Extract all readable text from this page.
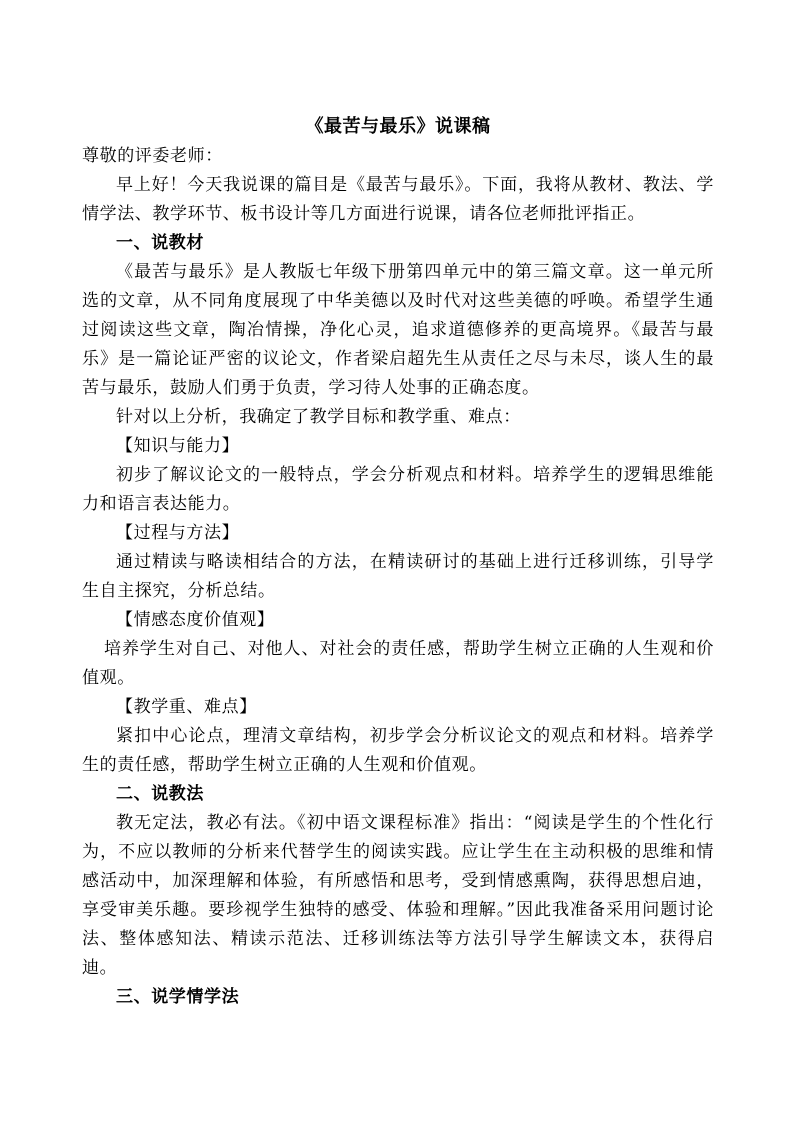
《最苦与最乐》说课稿

尊敬的评委老师：

早上好！今天我说课的篇目是《最苦与最乐》。下面，我将从教材、教法、学情学法、教学环节、板书设计等几方面进行说课，请各位老师批评指正。

一、说教材

《最苦与最乐》是人教版七年级下册第四单元中的第三篇文章。这一单元所选的文章，从不同角度展现了中华美德以及时代对这些美德的呼唤。希望学生通过阅读这些文章，陶冶情操，净化心灵，追求道德修养的更高境界。《最苦与最乐》是一篇论证严密的议论文，作者梁启超先生从责任之尽与未尽，谈人生的最苦与最乐，鼓励人们勇于负责，学习待人处事的正确态度。

针对以上分析，我确定了教学目标和教学重、难点：

【知识与能力】

初步了解议论文的一般特点，学会分析观点和材料。培养学生的逻辑思维能力和语言表达能力。

【过程与方法】

通过精读与略读相结合的方法，在精读研讨的基础上进行迁移训练，引导学生自主探究，分析总结。

【情感态度价值观】

培养学生对自己、对他人、对社会的责任感，帮助学生树立正确的人生观和价值观。

【教学重、难点】

紧扣中心论点，理清文章结构，初步学会分析议论文的观点和材料。培养学生的责任感，帮助学生树立正确的人生观和价值观。

二、说教法

教无定法，教必有法。《初中语文课程标准》指出：“阅读是学生的个性化行为，不应以教师的分析来代替学生的阅读实践。应让学生在主动积极的思维和情感活动中，加深理解和体验，有所感悟和思考，受到情感熏陶，获得思想启迪，享受审美乐趣。要珍视学生独特的感受、体验和理解。”因此我准备采用问题讨论法、整体感知法、精读示范法、迁移训练法等方法引导学生解读文本，获得启迪。

三、说学情学法
